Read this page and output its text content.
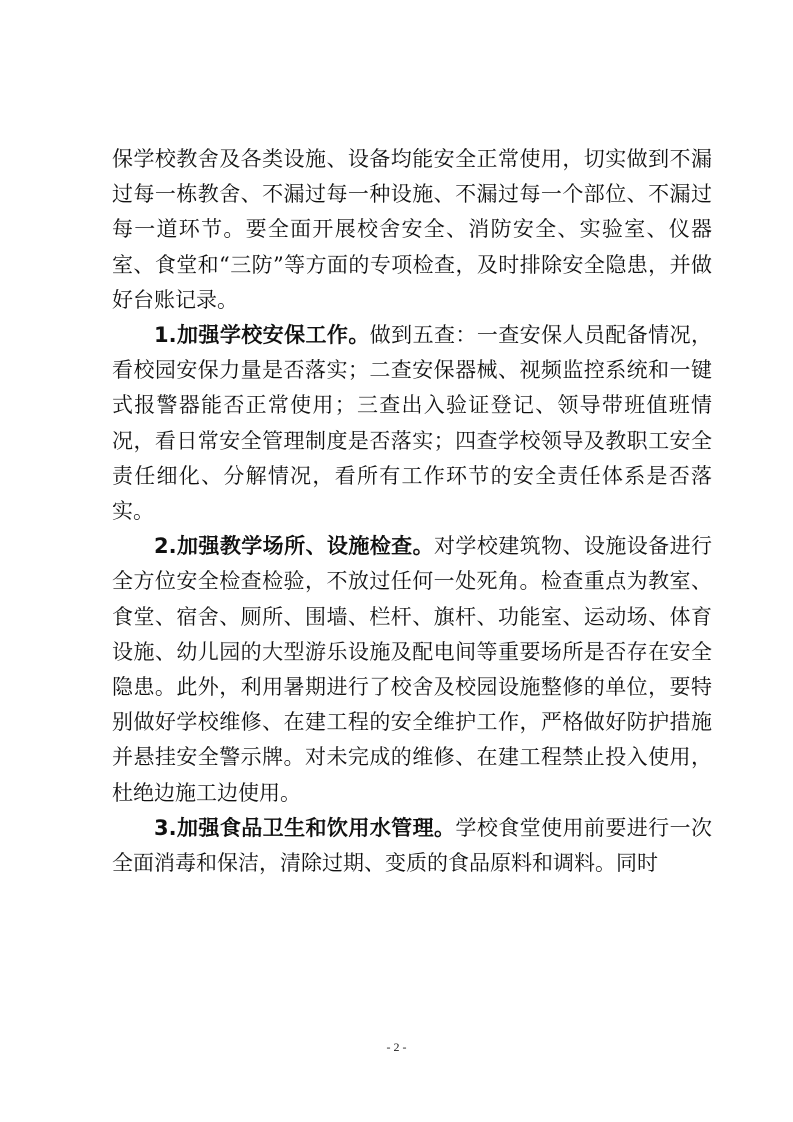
保学校教舍及各类设施、设备均能安全正常使用，切实做到不漏过每一栋教舍、不漏过每一种设施、不漏过每一个部位、不漏过每一道环节。要全面开展校舍安全、消防安全、实验室、仪器室、食堂和“三防”等方面的专项检查，及时排除安全隐患，并做好台账记录。

1.加强学校安保工作。做到五查：一查安保人员配备情况，看校园安保力量是否落实；二查安保器械、视频监控系统和一键式报警器能否正常使用；三查出入验证登记、领导带班值班情况，看日常安全管理制度是否落实；四查学校领导及教职工安全责任细化、分解情况，看所有工作环节的安全责任体系是否落实。

2.加强教学场所、设施检查。对学校建筑物、设施设备进行全方位安全检查检验，不放过任何一处死角。检查重点为教室、食堂、宿舍、厕所、围墙、栏杆、旗杆、功能室、运动场、体育设施、幼儿园的大型游乐设施及配电间等重要场所是否存在安全隐患。此外，利用暑期进行了校舍及校园设施整修的单位，要特别做好学校维修、在建工程的安全维护工作，严格做好防护措施并悬挂安全警示牌。对未完成的维修、在建工程禁止投入使用，杜绝边施工边使用。

3.加强食品卫生和饮用水管理。学校食堂使用前要进行一次全面消毒和保洁，清除过期、变质的食品原料和调料。同时

- 2 -
